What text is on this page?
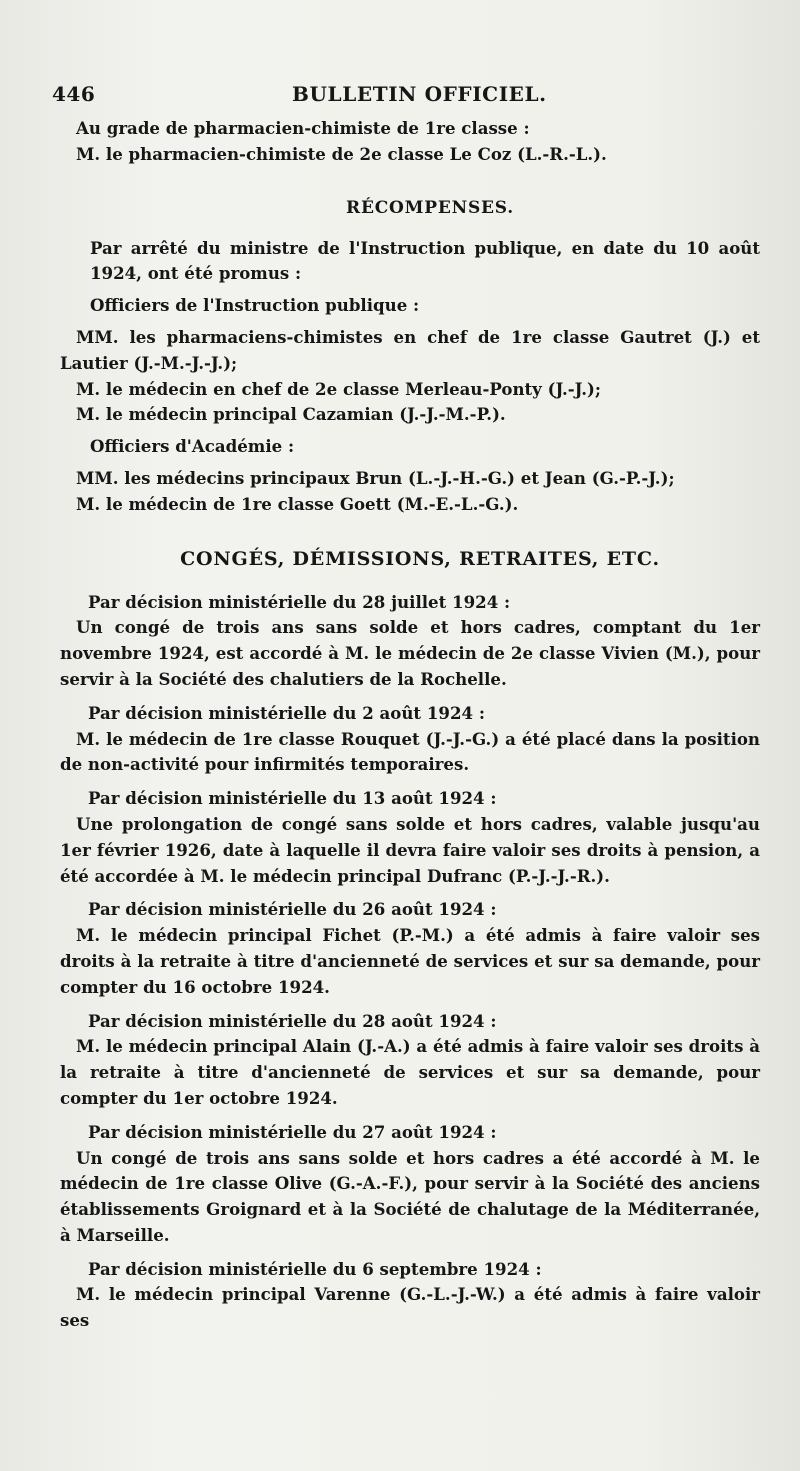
446	BULLETIN OFFICIEL.

Au grade de pharmacien-chimiste de 1re classe :

M. le pharmacien-chimiste de 2e classe Le Coz (L.-R.-L.).

RÉCOMPENSES.

Par arrêté du ministre de l'Instruction publique, en date du 10 août 1924, ont été promus :

Officiers de l'Instruction publique :

MM. les pharmaciens-chimistes en chef de 1re classe Gautret (J.) et Lautier (J.-M.-J.-J.);

M. le médecin en chef de 2e classe Merleau-Ponty (J.-J.);

M. le médecin principal Cazamian (J.-J.-M.-P.).

Officiers d'Académie :

MM. les médecins principaux Brun (L.-J.-H.-G.) et Jean (G.-P.-J.);

M. le médecin de 1re classe Goett (M.-E.-L.-G.).

CONGÉS, DÉMISSIONS, RETRAITES, ETC.

Par décision ministérielle du 28 juillet 1924 :

Un congé de trois ans sans solde et hors cadres, comptant du 1er novembre 1924, est accordé à M. le médecin de 2e classe Vivien (M.), pour servir à la Société des chalutiers de la Rochelle.

Par décision ministérielle du 2 août 1924 :

M. le médecin de 1re classe Rouquet (J.-J.-G.) a été placé dans la position de non-activité pour infirmités temporaires.

Par décision ministérielle du 13 août 1924 :

Une prolongation de congé sans solde et hors cadres, valable jusqu'au 1er février 1926, date à laquelle il devra faire valoir ses droits à pension, a été accordée à M. le médecin principal Dufranc (P.-J.-J.-R.).

Par décision ministérielle du 26 août 1924 :

M. le médecin principal Fichet (P.-M.) a été admis à faire valoir ses droits à la retraite à titre d'ancienneté de services et sur sa demande, pour compter du 16 octobre 1924.

Par décision ministérielle du 28 août 1924 :

M. le médecin principal Alain (J.-A.) a été admis à faire valoir ses droits à la retraite à titre d'ancienneté de services et sur sa demande, pour compter du 1er octobre 1924.

Par décision ministérielle du 27 août 1924 :

Un congé de trois ans sans solde et hors cadres a été accordé à M. le médecin de 1re classe Olive (G.-A.-F.), pour servir à la Société des anciens établissements Groignard et à la Société de chalutage de la Méditerranée, à Marseille.

Par décision ministérielle du 6 septembre 1924 :

M. le médecin principal Varenne (G.-L.-J.-W.) a été admis à faire valoir ses
